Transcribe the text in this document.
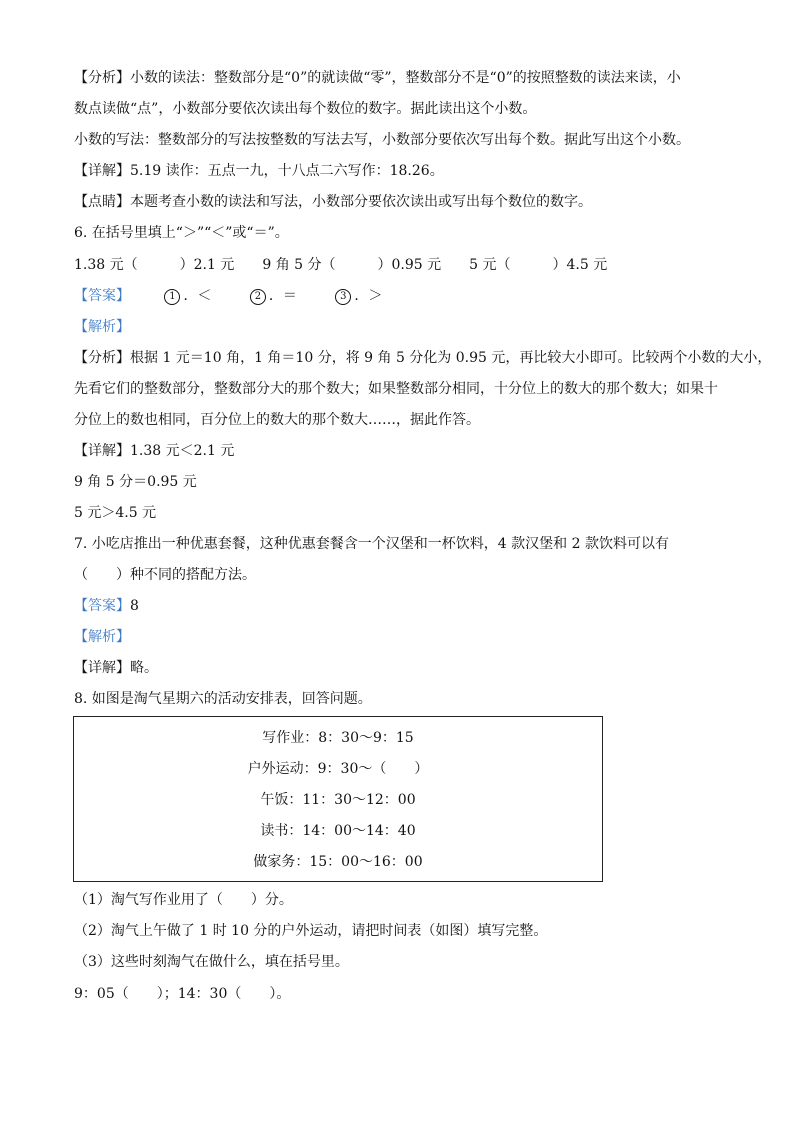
【分析】小数的读法：整数部分是“0”的就读做“零”，整数部分不是“0”的按照整数的读法来读，小
数点读做“点”，小数部分要依次读出每个数位的数字。据此读出这个小数。
小数的写法：整数部分的写法按整数的写法去写，小数部分要依次写出每个数。据此写出这个小数。
【详解】5.19 读作：五点一九，十八点二六写作：18.26。
【点睛】本题考查小数的读法和写法，小数部分要依次读出或写出每个数位的数字。
6. 在括号里填上“＞”“＜”或“＝”。
1.38 元（　　　）2.1 元　　9 角 5 分（　　　）0.95 元　　5 元（　　　）4.5 元
【答案】	1 ．＜	2 ．＝	3 ．＞
【解析】
【分析】根据 1 元＝10 角，1 角＝10 分，将 9 角 5 分化为 0.95 元，再比较大小即可。比较两个小数的大小，
先看它们的整数部分，整数部分大的那个数大；如果整数部分相同，十分位上的数大的那个数大；如果十
分位上的数也相同，百分位上的数大的那个数大……，据此作答。
【详解】1.38 元＜2.1 元
9 角 5 分＝0.95 元
5 元＞4.5 元
7. 小吃店推出一种优惠套餐，这种优惠套餐含一个汉堡和一杯饮料，4 款汉堡和 2 款饮料可以有
（　　）种不同的搭配方法。
【答案】8
【解析】
【详解】略。
8. 如图是淘气星期六的活动安排表，回答问题。
写作业：8：30～9：15
户外运动：9：30～（　　）
午饭：11：30～12：00
读书：14：00～14：40
做家务：15：00～16：00
（1）淘气写作业用了（　　）分。
（2）淘气上午做了 1 时 10 分的户外运动，请把时间表（如图）填写完整。
（3）这些时刻淘气在做什么，填在括号里。
9：05（　　）；14：30（　　）。
